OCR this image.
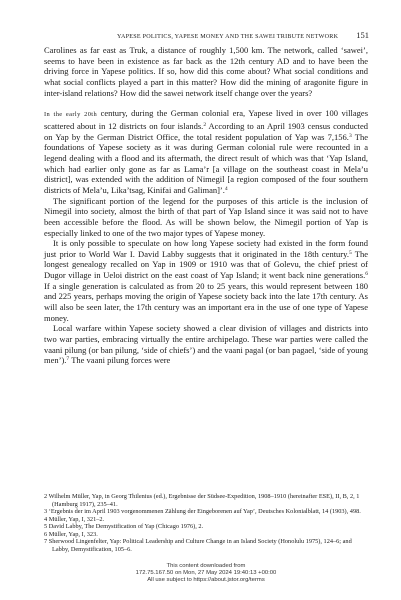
YAPESE POLITICS, YAPESE MONEY AND THE SAWEI TRIBUTE NETWORK 151

Carolines as far east as Truk, a distance of roughly 1,500 km. The network, called ‘sawei’, seems to have been in existence as far back as the 12th century AD and to have been the driving force in Yapese politics. If so, how did this come about? What social conditions and what social conflicts played a part in this matter? How did the mining of aragonite figure in inter-island relations? How did the sawei network itself change over the years?

In the early 20th century, during the German colonial era, Yapese lived in over 100 villages scattered about in 12 districts on four islands.$^2$ According to an April 1903 census conducted on Yap by the German District Office, the total resident population of Yap was 7,156.$^3$ The foundations of Yapese society as it was during German colonial rule were recounted in a legend dealing with a flood and its aftermath, the direct result of which was that ‘Yap Island, which had earlier only gone as far as Lama’r [a village on the southeast coast in Mela’u district], was extended with the addition of Nimegil [a region composed of the four southern districts of Mela’u, Lika’tsag, Kinifai and Galiman]’.$^4$

The significant portion of the legend for the purposes of this article is the inclusion of Nimegil into society, almost the birth of that part of Yap Island since it was said not to have been accessible before the flood. As will be shown below, the Nimegil portion of Yap is especially linked to one of the two major types of Yapese money.

It is only possible to speculate on how long Yapese society had existed in the form found just prior to World War I. David Labby suggests that it originated in the 18th century.$^5$ The longest genealogy recalled on Yap in 1909 or 1910 was that of Golevu, the chief priest of Dugor village in Ueloi district on the east coast of Yap Island; it went back nine generations.$^6$ If a single generation is calculated as from 20 to 25 years, this would represent between 180 and 225 years, perhaps moving the origin of Yapese society back into the late 17th century. As will also be seen later, the 17th century was an important era in the use of one type of Yapese money.

Local warfare within Yapese society showed a clear division of villages and districts into two war parties, embracing virtually the entire archipelago. These war parties were called the vaani pilung (or ban pilung, ‘side of chiefs’) and the vaani pagal (or ban pagael, ‘side of young men’).$^7$ The vaani pilung forces were

2 Wilhelm Müller, Yap, in Georg Thilenius (ed.), Ergebnisse der Südsee-Expedition, 1908–1910 (hereinafter ESE), II, B, 2, 1 (Hamburg 1917), 235–41.
3 ‘Ergebnis der im April 1903 vorgenommenen Zählung der Eingeborenen auf Yap’, Deutsches Kolonialblatt, 14 (1903), 498.
4 Müller, Yap, I, 321–2.
5 David Labby, The Demystification of Yap (Chicago 1976), 2.
6 Müller, Yap, I, 323.
7 Sherwood Lingenfelter, Yap: Political Leadership and Culture Change in an Island Society (Honolulu 1975), 124–6; and Labby, Demystification, 105–6.
This content downloaded from
172.75.167.50 on Mon, 27 May 2024 19:40:13 +00:00
All use subject to https://about.jstor.org/terms
